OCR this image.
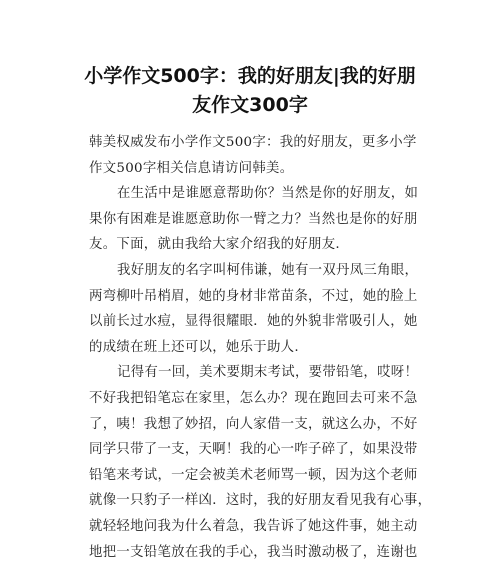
小学作文500字：我的好朋友|我的好朋
友作文300字

韩美权威发布小学作文500字：我的好朋友，更多小学
作文500字相关信息请访问韩美。

在生活中是谁愿意帮助你？当然是你的好朋友，如
果你有困难是谁愿意助你一臂之力？当然也是你的好朋
友。下面，就由我给大家介绍我的好朋友.

我好朋友的名字叫柯伟谦，她有一双丹凤三角眼，
两弯柳叶吊梢眉，她的身材非常苗条，不过，她的脸上
以前长过水痘，显得很耀眼．她的外貌非常吸引人，她
的成绩在班上还可以，她乐于助人.

记得有一回，美术要期末考试，要带铅笔，哎呀！
不好我把铅笔忘在家里，怎么办？现在跑回去可来不急
了，咦！我想了妙招，向人家借一支，就这么办，不好
同学只带了一支，天啊！我的心一咋子碎了，如果没带
铅笔来考试，一定会被美术老师骂一顿，因为这个老师
就像一只豹子一样凶．这时，我的好朋友看见我有心事，
就轻轻地问我为什么着急，我告诉了她这件事，她主动
地把一支铅笔放在我的手心，我当时激动极了，连谢也
